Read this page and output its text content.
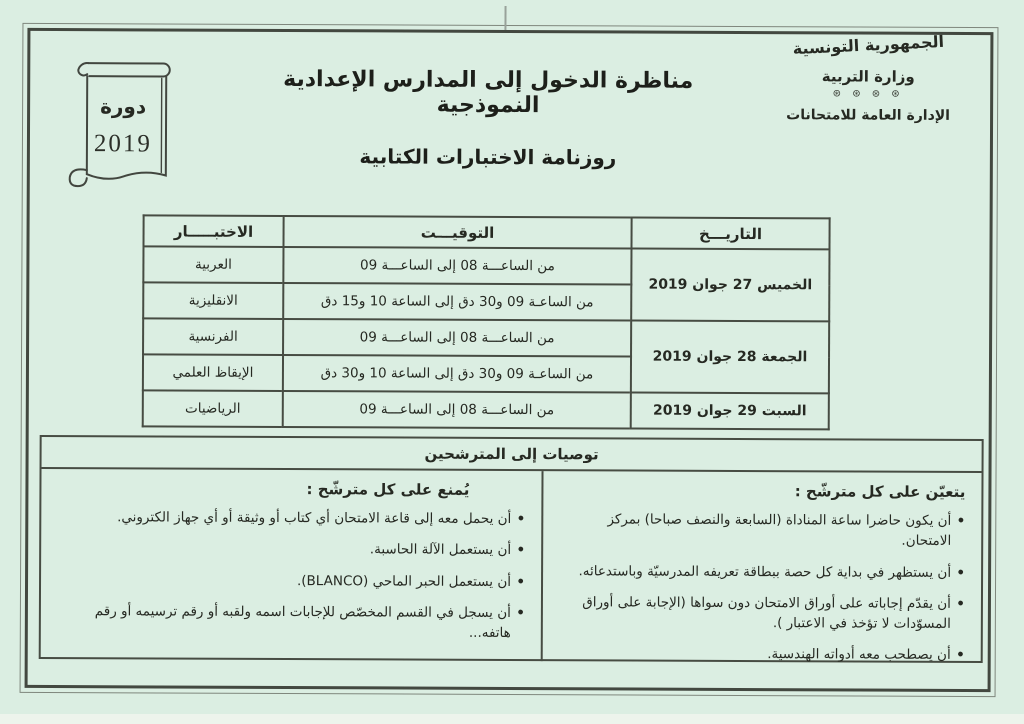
الجمهورية التونسية
وزارة التربية
⊛ ⊛ ⊛ ⊛
الإدارة العامة للامتحانات
مناظرة الدخول إلى المدارس الإعدادية النموذجية
روزنامة الاختبارات الكتابية
دورة
2019
التاريـــخ	التوقيـــت	الاختبـــــار
الخميس 27 جوان 2019	من الساعـــة 08 إلى الساعـــة 09	العربية
	من الساعـة 09 و30 دق إلى الساعة 10 و15 دق	الانقليزية
الجمعة 28 جوان 2019	من الساعـــة 08 إلى الساعـــة 09	الفرنسية
	من الساعـة 09 و30 دق إلى الساعة 10 و30 دق	الإيقاظ العلمي
السبت 29 جوان 2019	من الساعـــة 08 إلى الساعـــة 09	الرياضيات
توصيات إلى المترشحين
يتعيّن على كل مترشّح :
• أن يكون حاضرا ساعة المناداة (السابعة والنصف صباحا) بمركز الامتحان.
• أن يستظهر في بداية كل حصة ببطاقة تعريفه المدرسيّة وباستدعائه.
• أن يقدّم إجاباته على أوراق الامتحان دون سواها (الإجابة على أوراق المسوّدات لا تؤخذ في الاعتبار ).
• أن يصطحب معه أدواته الهندسية.
يُمنع على كل مترشّح :
• أن يحمل معه إلى قاعة الامتحان أي كتاب أو وثيقة أو أي جهاز الكتروني.
• أن يستعمل الآلة الحاسبة.
• أن يستعمل الحبر الماحي (BLANCO).
• أن يسجل في القسم المخصّص للإجابات اسمه ولقبه أو رقم ترسيمه أو رقم هاتفه...
